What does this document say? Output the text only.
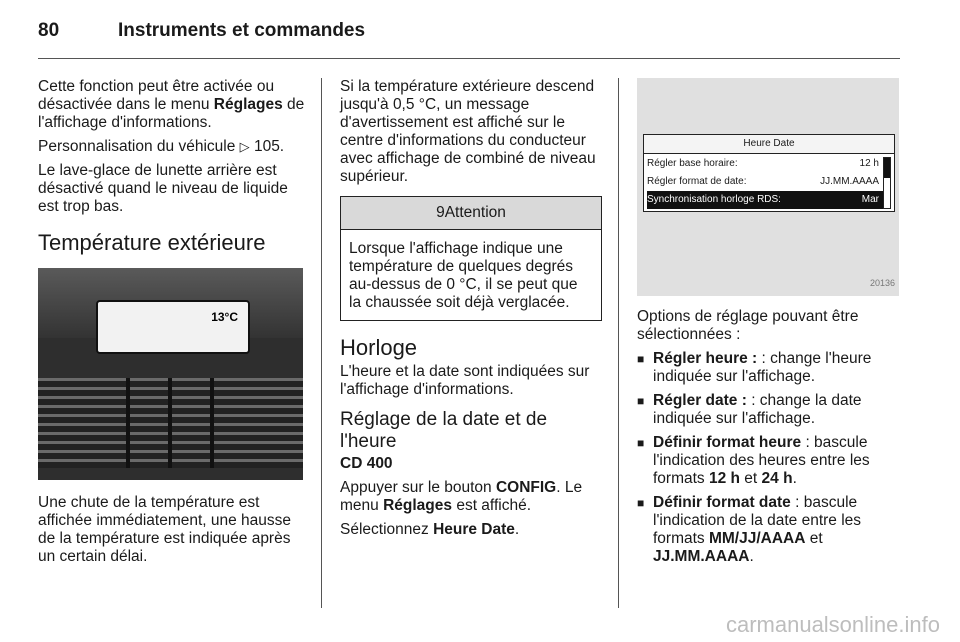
80	Instruments et commandes

Cette fonction peut être activée ou désactivée dans le menu Réglages de l'affichage d'informations.

Personnalisation du véhicule ▷ 105.

Le lave-glace de lunette arrière est désactivé quand le niveau de liquide est trop bas.

Température extérieure
13°C

Une chute de la température est affichée immédiatement, une hausse de la température est indiquée après un certain délai.

Si la température extérieure descend jusqu'à 0,5 °C, un message d'avertissement est affiché sur le centre d'informations du conducteur avec affichage de combiné de niveau supérieur.

9Attention
Lorsque l'affichage indique une température de quelques degrés au-dessus de 0 °C, il se peut que la chaussée soit déjà verglacée.
Horloge

L'heure et la date sont indiquées sur l'affichage d'informations.

Réglage de la date et de l'heure
CD 400

Appuyer sur le bouton CONFIG. Le menu Réglages est affiché.

Sélectionnez Heure Date.

Heure Date
Régler base horaire:	12 h
Régler format de date:	JJ.MM.AAAA
Synchronisation horloge RDS:	Mar
20136

Options de réglage pouvant être sélectionnées :

■ Régler heure : : change l'heure indiquée sur l'affichage.
■ Régler date : : change la date indiquée sur l'affichage.
■ Définir format heure : bascule l'indication des heures entre les formats 12 h et 24 h.
■ Définir format date : bascule l'indication de la date entre les formats MM/JJ/AAAA et JJ.MM.AAAA.
carmanualsonline.info
